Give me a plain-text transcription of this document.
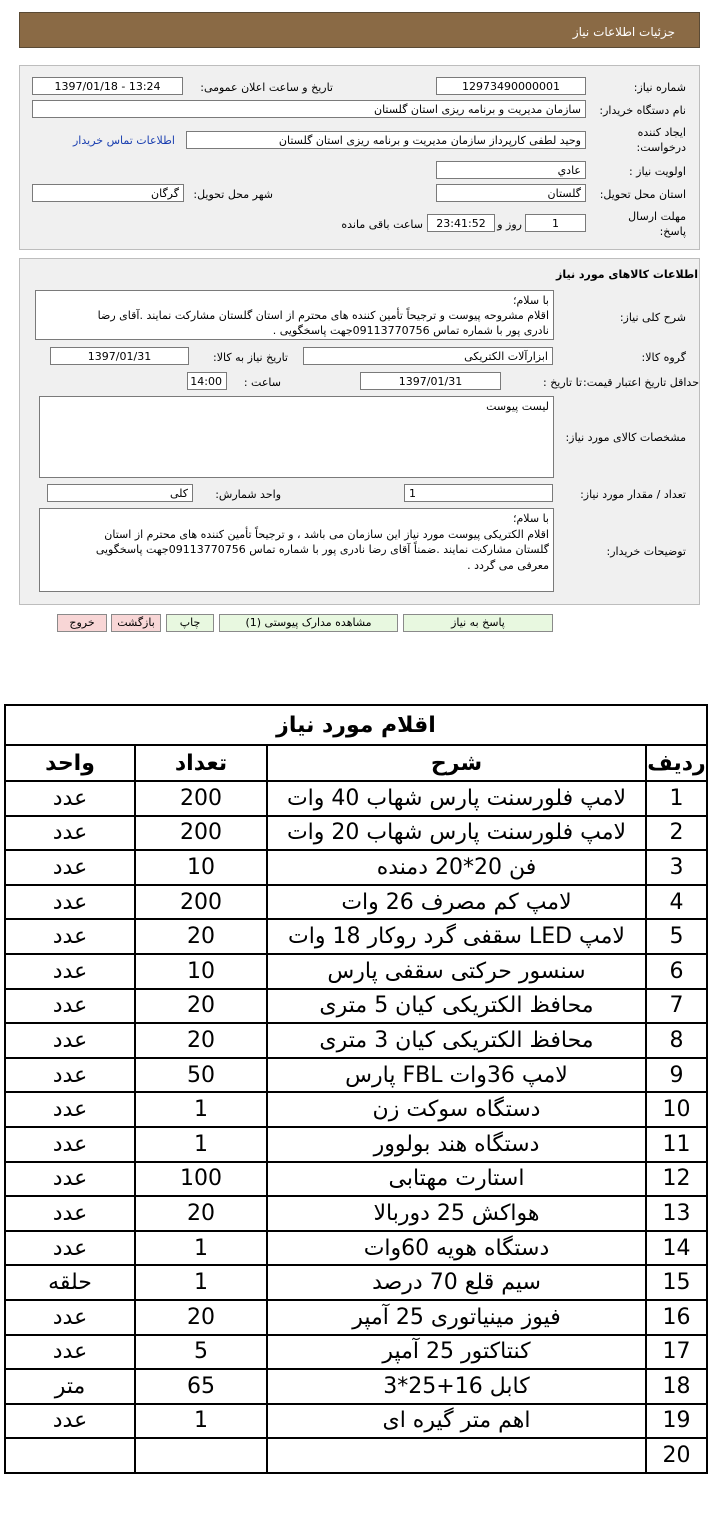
جزئیات اطلاعات نیاز
شماره نیاز:
12973490000001
تاریخ و ساعت اعلان عمومی:
1397/01/18 - 13:24
نام دستگاه خریدار:
سازمان مدیریت و برنامه ریزی استان گلستان
ایجاد کننده
درخواست:
وحید لطفی کارپرداز سازمان مدیریت و برنامه ریزی استان گلستان
اطلاعات تماس خریدار
اولویت نیاز :
عادي
استان محل تحویل:
گلستان
شهر محل تحویل:
گرگان
مهلت ارسال
پاسخ:
1
روز و
23:41:52
ساعت باقی مانده
اطلاعات کالاهای مورد نیاز
شرح کلی نیاز:
با سلام؛
اقلام مشروحه پیوست و ترجیحاً تأمین کننده های محترم از استان گلستان مشارکت نمایند .آقای رضا
نادری پور با شماره تماس 09113770756جهت پاسخگویی .
گروه کالا:
ابزارآلات الکتریکی
تاریخ نیاز به کالا:
1397/01/31
حداقل تاریخ اعتبار قیمت:
تا تاریخ :
1397/01/31
ساعت :
14:00
مشخصات کالای مورد نیاز:
لیست پیوست
تعداد / مقدار مورد نیاز:
1
واحد شمارش:
کلی
توضیحات خریدار:
با سلام؛
اقلام الکتریکی پیوست مورد نیاز این سازمان می باشد ، و ترجیحاً تأمین کننده های محترم از استان
گلستان مشارکت نمایند .ضمناً آقای رضا نادری پور با شماره تماس 09113770756جهت پاسخگویی
معرفی می گردد .
پاسخ به نیاز
مشاهده مدارک پیوستی (1)
چاپ
بازگشت
خروج
اقلام مورد نیاز			
ردیف	شرح	تعداد	واحد
1	لامپ فلورسنت پارس شهاب 40 وات	200	عدد
2	لامپ فلورسنت پارس شهاب 20 وات	200	عدد
3	فن 20*20 دمنده	10	عدد
4	لامپ کم مصرف 26 وات	200	عدد
5	لامپ LED سقفی گرد روکار 18 وات	20	عدد
6	سنسور حرکتی سقفی پارس	10	عدد
7	محافظ الکتریکی کیان 5 متری	20	عدد
8	محافظ الکتریکی کیان 3 متری	20	عدد
9	لامپ 36وات FBL پارس	50	عدد
10	دستگاه سوکت زن	1	عدد
11	دستگاه هند بولوور	1	عدد
12	استارت مهتابی	100	عدد
13	هواکش 25 دوربالا	20	عدد
14	دستگاه هویه 60وات	1	عدد
15	سیم قلع 70 درصد	1	حلقه
16	فیوز مینیاتوری 25 آمپر	20	عدد
17	کنتاکتور 25 آمپر	5	عدد
18	کابل 16+25*3	65	متر
19	اهم متر گیره ای	1	عدد
20			
